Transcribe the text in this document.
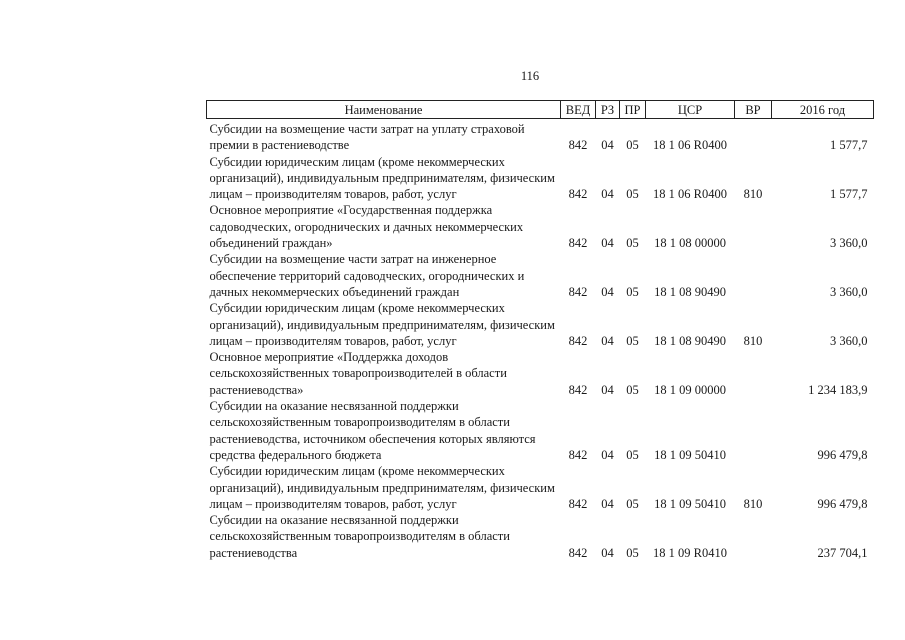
116
Наименование	ВЕД	РЗ	ПР	ЦСР	ВР	2016 год

Субсидии на возмещение части затрат на уплату страховой премии в растениеводстве	842	04	05	18 1 06 R0400		1 577,7
Субсидии юридическим лицам (кроме некоммерческих организаций), индивидуальным предпринимателям, физическим лицам – производителям товаров, работ, услуг	842	04	05	18 1 06 R0400	810	1 577,7
Основное мероприятие «Государственная поддержка садоводческих, огороднических и дачных некоммерческих объединений граждан»	842	04	05	18 1 08 00000		3 360,0
Субсидии на возмещение части затрат на инженерное обеспечение территорий садоводческих, огороднических и дачных некоммерческих объединений граждан	842	04	05	18 1 08 90490		3 360,0
Субсидии юридическим лицам (кроме некоммерческих организаций), индивидуальным предпринимателям, физическим лицам – производителям товаров, работ, услуг	842	04	05	18 1 08 90490	810	3 360,0
Основное мероприятие «Поддержка доходов сельскохозяйственных товаропроизводителей в области растениеводства»	842	04	05	18 1 09 00000		1 234 183,9
Субсидии на оказание несвязанной поддержки сельскохозяйственным товаропроизводителям в области растениеводства, источником обеспечения которых являются средства федерального бюджета	842	04	05	18 1 09 50410		996 479,8
Субсидии юридическим лицам (кроме некоммерческих организаций), индивидуальным предпринимателям, физическим лицам – производителям товаров, работ, услуг	842	04	05	18 1 09 50410	810	996 479,8
Субсидии на оказание несвязанной поддержки сельскохозяйственным товаропроизводителям в области растениеводства	842	04	05	18 1 09 R0410		237 704,1
